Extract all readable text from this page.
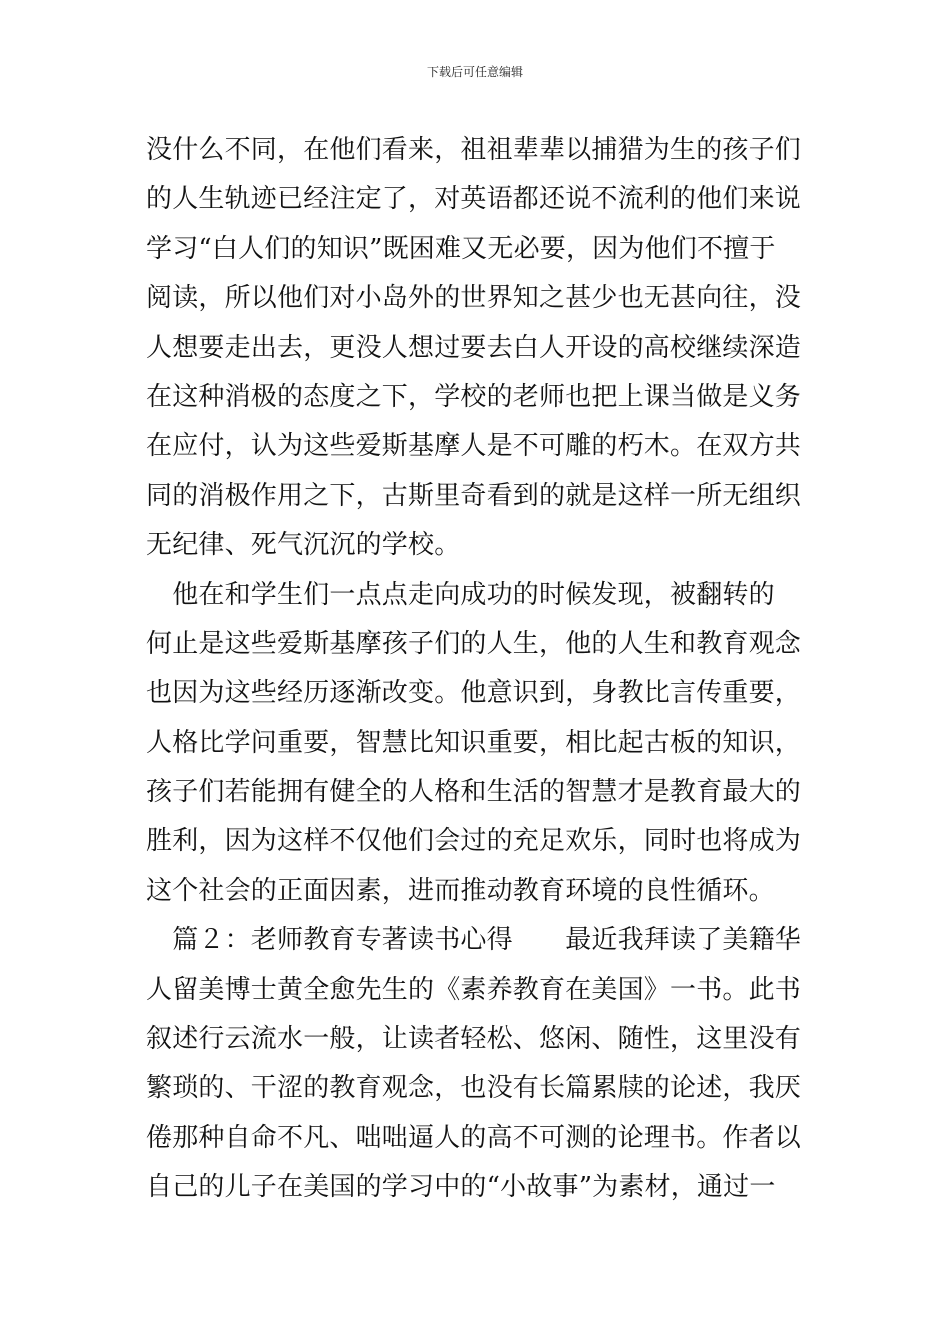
下载后可任意编辑
没什么不同，在他们看来，祖祖辈辈以捕猎为生的孩子们
的人生轨迹已经注定了，对英语都还说不流利的他们来说
学习“白人们的知识”既困难又无必要，因为他们不擅于
阅读，所以他们对小岛外的世界知之甚少也无甚向往，没
人想要走出去，更没人想过要去白人开设的高校继续深造
在这种消极的态度之下，学校的老师也把上课当做是义务
在应付，认为这些爱斯基摩人是不可雕的朽木。在双方共
同的消极作用之下，古斯里奇看到的就是这样一所无组织
无纪律、死气沉沉的学校。
　他在和学生们一点点走向成功的时候发现，被翻转的
何止是这些爱斯基摩孩子们的人生，他的人生和教育观念
也因为这些经历逐渐改变。他意识到，身教比言传重要，
人格比学问重要，智慧比知识重要，相比起古板的知识，
孩子们若能拥有健全的人格和生活的智慧才是教育最大的
胜利，因为这样不仅他们会过的充足欢乐，同时也将成为
这个社会的正面因素，进而推动教育环境的良性循环。
　篇２：老师教育专著读书心得　　最近我拜读了美籍华
人留美博士黄全愈先生的《素养教育在美国》一书。此书
叙述行云流水一般，让读者轻松、悠闲、随性，这里没有
繁琐的、干涩的教育观念，也没有长篇累牍的论述，我厌
倦那种自命不凡、咄咄逼人的高不可测的论理书。作者以
自己的儿子在美国的学习中的“小故事”为素材，通过一
